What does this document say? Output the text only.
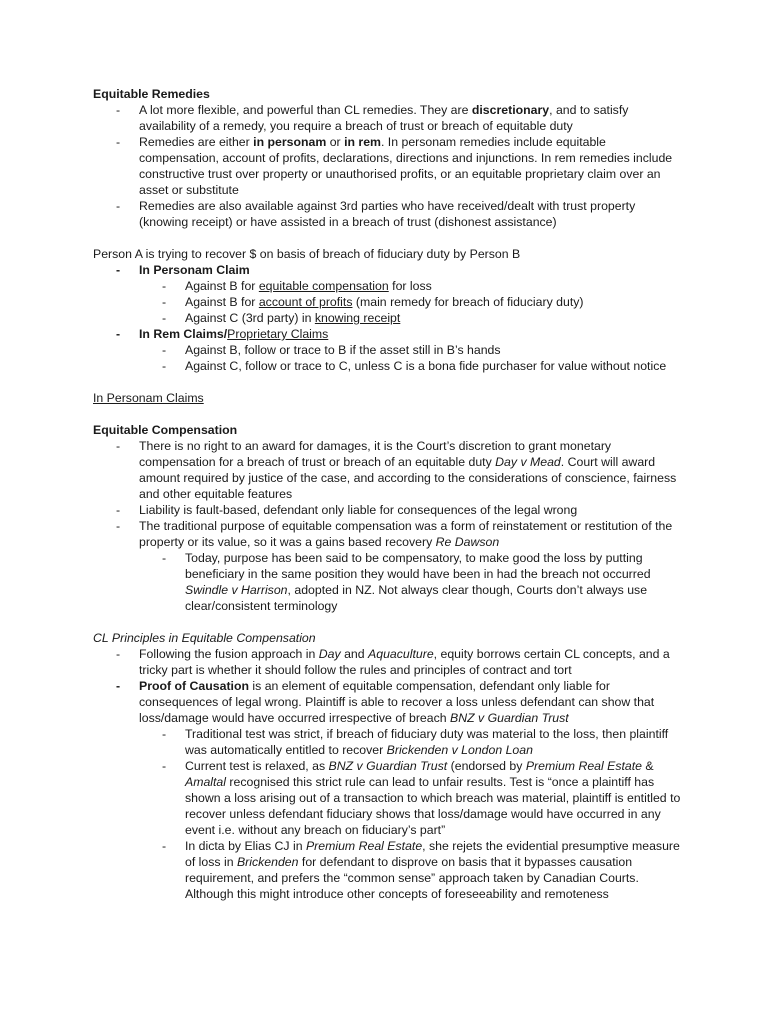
Equitable Remedies
- A lot more flexible, and powerful than CL remedies. They are discretionary, and to satisfy availability of a remedy, you require a breach of trust or breach of equitable duty
- Remedies are either in personam or in rem. In personam remedies include equitable compensation, account of profits, declarations, directions and injunctions. In rem remedies include constructive trust over property or unauthorised profits, or an equitable proprietary claim over an asset or substitute
- Remedies are also available against 3rd parties who have received/dealt with trust property (knowing receipt) or have assisted in a breach of trust (dishonest assistance)
Person A is trying to recover $ on basis of breach of fiduciary duty by Person B
- In Personam Claim
- Against B for equitable compensation for loss
- Against B for account of profits (main remedy for breach of fiduciary duty)
- Against C (3rd party) in knowing receipt
- In Rem Claims/Proprietary Claims
- Against B, follow or trace to B if the asset still in B’s hands
- Against C, follow or trace to C, unless C is a bona fide purchaser for value without notice
In Personam Claims
Equitable Compensation
- There is no right to an award for damages, it is the Court’s discretion to grant monetary compensation for a breach of trust or breach of an equitable duty Day v Mead. Court will award amount required by justice of the case, and according to the considerations of conscience, fairness and other equitable features
- Liability is fault-based, defendant only liable for consequences of the legal wrong
- The traditional purpose of equitable compensation was a form of reinstatement or restitution of the property or its value, so it was a gains based recovery Re Dawson
- Today, purpose has been said to be compensatory, to make good the loss by putting beneficiary in the same position they would have been in had the breach not occurred Swindle v Harrison, adopted in NZ. Not always clear though, Courts don’t always use clear/consistent terminology
CL Principles in Equitable Compensation
- Following the fusion approach in Day and Aquaculture, equity borrows certain CL concepts, and a tricky part is whether it should follow the rules and principles of contract and tort
- Proof of Causation is an element of equitable compensation, defendant only liable for consequences of legal wrong. Plaintiff is able to recover a loss unless defendant can show that loss/damage would have occurred irrespective of breach BNZ v Guardian Trust
- Traditional test was strict, if breach of fiduciary duty was material to the loss, then plaintiff was automatically entitled to recover Brickenden v London Loan
- Current test is relaxed, as BNZ v Guardian Trust (endorsed by Premium Real Estate & Amaltal recognised this strict rule can lead to unfair results. Test is “once a plaintiff has shown a loss arising out of a transaction to which breach was material, plaintiff is entitled to recover unless defendant fiduciary shows that loss/damage would have occurred in any event i.e. without any breach on fiduciary’s part”
- In dicta by Elias CJ in Premium Real Estate, she rejets the evidential presumptive measure of loss in Brickenden for defendant to disprove on basis that it bypasses causation requirement, and prefers the “common sense” approach taken by Canadian Courts. Although this might introduce other concepts of foreseeability and remoteness
